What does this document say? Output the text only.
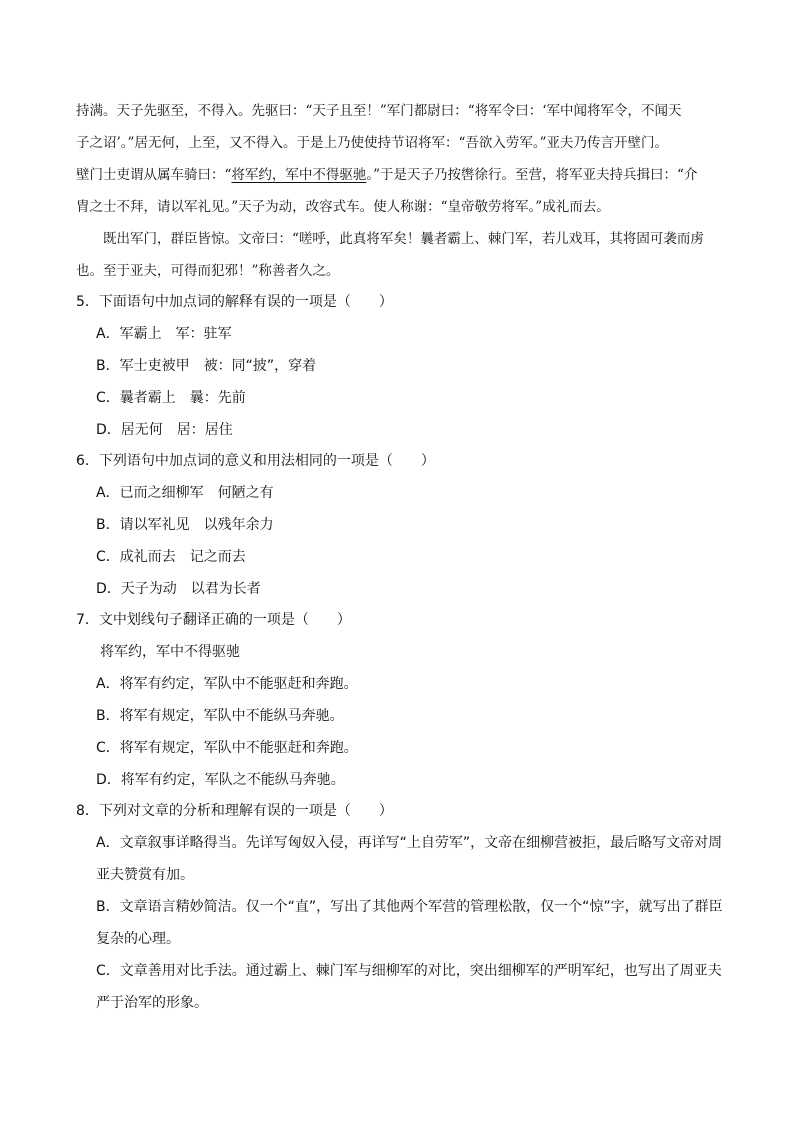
持满。天子先驱至，不得入。先驱曰：“天子且至！”军门都尉曰：“将军令曰：‘军中闻将军令，不闻天
子之诏’。”居无何，上至，又不得入。于是上乃使使持节诏将军：“吾欲入劳军。”亚夫乃传言开壁门。
壁门士吏谓从属车骑曰：“将军约，军中不得驱驰。”于是天子乃按辔徐行。至营，将军亚夫持兵揖曰：“介
胄之士不拜，请以军礼见。”天子为动，改容式车。使人称谢：“皇帝敬劳将军。”成礼而去。
既出军门，群臣皆惊。文帝曰：“嗟呼，此真将军矣！曩者霸上、棘门军，若儿戏耳，其将固可袭而虏
也。至于亚夫，可得而犯邪！”称善者久之。
5．下面语句中加点词的解释有误的一项是（　　）
A．军霸上　军：驻军
B．军士吏被甲　被：同“披”，穿着
C．曩者霸上　曩：先前
D．居无何　居：居住
6．下列语句中加点词的意义和用法相同的一项是（　　）
A．已而之细柳军　何陋之有
B．请以军礼见　以残年余力
C．成礼而去　记之而去
D．天子为动　以君为长者
7．文中划线句子翻译正确的一项是（　　）
将军约，军中不得驱驰
A．将军有约定，军队中不能驱赶和奔跑。
B．将军有规定，军队中不能纵马奔驰。
C．将军有规定，军队中不能驱赶和奔跑。
D．将军有约定，军队之不能纵马奔驰。
8．下列对文章的分析和理解有误的一项是（　　）
A．文章叙事详略得当。先详写匈奴入侵，再详写“上自劳军”，文帝在细柳营被拒，最后略写文帝对周
亚夫赞赏有加。
B．文章语言精妙简洁。仅一个“直”，写出了其他两个军营的管理松散，仅一个“惊”字，就写出了群臣
复杂的心理。
C．文章善用对比手法。通过霸上、棘门军与细柳军的对比，突出细柳军的严明军纪，也写出了周亚夫
严于治军的形象。
